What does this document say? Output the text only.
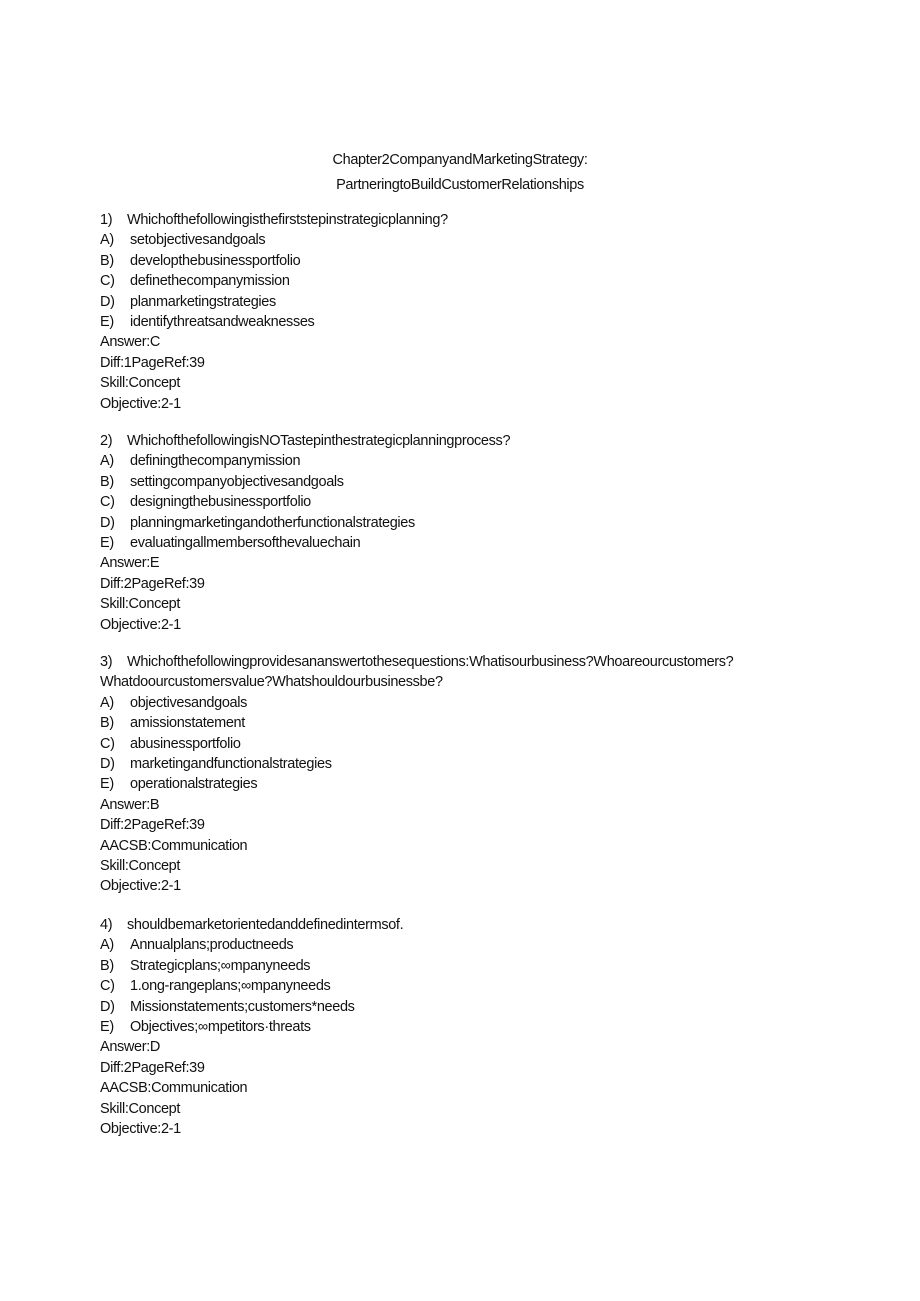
Chapter2CompanyandMarketingStrategy:
PartneringtoBuildCustomerRelationships
1) Whichofthefollowingisthefirststepinstrategicplanning?
A) setobjectivesandgoals
B) developthebusinessportfolio
C) definethecompanymission
D) planmarketingstrategies
E) identifythreatsandweaknesses
Answer:C
Diff:1PageRef:39
Skill:Concept
Objective:2-1
2) WhichofthefollowingisNOTastepinthestrategicplanningprocess?
A) definingthecompanymission
B) settingcompanyobjectivesandgoals
C) designingthebusinessportfolio
D) planningmarketingandotherfunctionalstrategies
E) evaluatingallmembersofthevaluechain
Answer:E
Diff:2PageRef:39
Skill:Concept
Objective:2-1
3) Whichofthefollowingprovidesananswertothesequestions:Whatisourbusiness?Whoareourcustomers?
Whatdoourcustomersvalue?Whatshouldourbusinessbe?
A) objectivesandgoals
B) amissionstatement
C) abusinessportfolio
D) marketingandfunctionalstrategies
E) operationalstrategies
Answer:B
Diff:2PageRef:39
AACSB:Communication
Skill:Concept
Objective:2-1
4) shouldbemarketorientedanddefinedintermsof.
A) Annualplans;productneeds
B) Strategicplans;∞mpanyneeds
C) 1.ong-rangeplans;∞mpanyneeds
D) Missionstatements;customers*needs
E) Objectives;∞mpetitors·threats
Answer:D
Diff:2PageRef:39
AACSB:Communication
Skill:Concept
Objective:2-1
